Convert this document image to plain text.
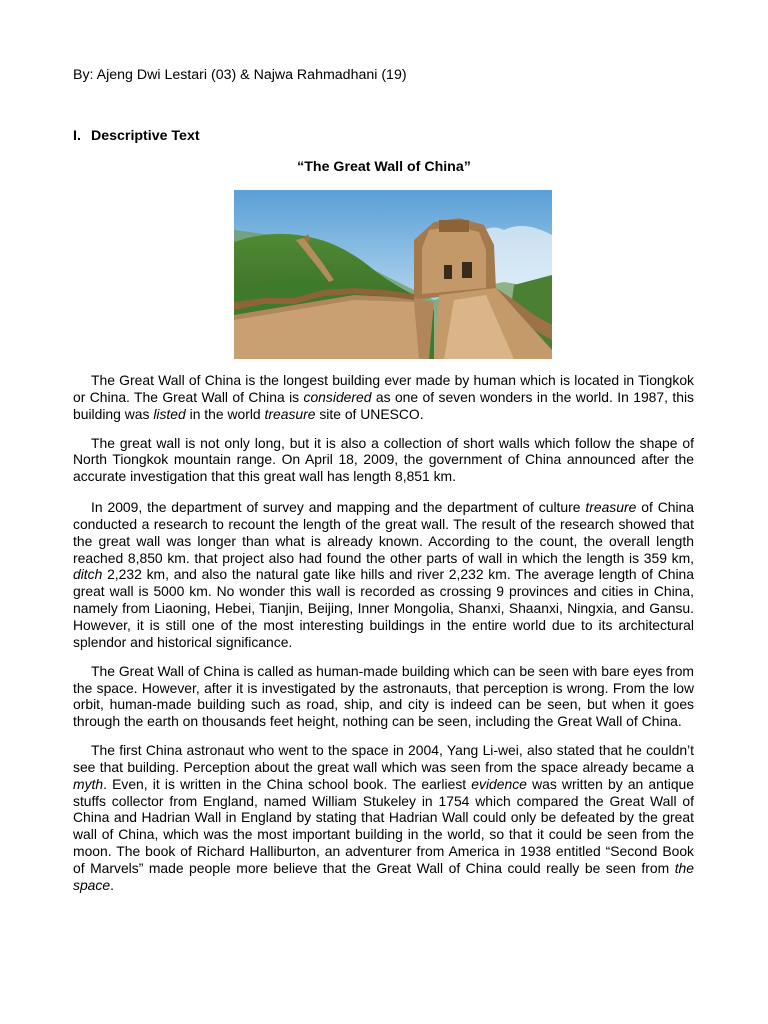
By: Ajeng Dwi Lestari (03) & Najwa Rahmadhani (19)
I. Descriptive Text
“The Great Wall of China”

The Great Wall of China is the longest building ever made by human which is located in Tiongkok or China. The Great Wall of China is considered as one of seven wonders in the world. In 1987, this building was listed in the world treasure site of UNESCO.

The great wall is not only long, but it is also a collection of short walls which follow the shape of North Tiongkok mountain range. On April 18, 2009, the government of China announced after the accurate investigation that this great wall has length 8,851 km.

In 2009, the department of survey and mapping and the department of culture treasure of China conducted a research to recount the length of the great wall. The result of the research showed that the great wall was longer than what is already known. According to the count, the overall length reached 8,850 km. that project also had found the other parts of wall in which the length is 359 km, ditch 2,232 km, and also the natural gate like hills and river 2,232 km. The average length of China great wall is 5000 km. No wonder this wall is recorded as crossing 9 provinces and cities in China, namely from Liaoning, Hebei, Tianjin, Beijing, Inner Mongolia, Shanxi, Shaanxi, Ningxia, and Gansu. However, it is still one of the most interesting buildings in the entire world due to its architectural splendor and historical significance.

The Great Wall of China is called as human-made building which can be seen with bare eyes from the space. However, after it is investigated by the astronauts, that perception is wrong. From the low orbit, human-made building such as road, ship, and city is indeed can be seen, but when it goes through the earth on thousands feet height, nothing can be seen, including the Great Wall of China.

The first China astronaut who went to the space in 2004, Yang Li-wei, also stated that he couldn’t see that building. Perception about the great wall which was seen from the space already became a myth. Even, it is written in the China school book. The earliest evidence was written by an antique stuffs collector from England, named William Stukeley in 1754 which compared the Great Wall of China and Hadrian Wall in England by stating that Hadrian Wall could only be defeated by the great wall of China, which was the most important building in the world, so that it could be seen from the moon. The book of Richard Halliburton, an adventurer from America in 1938 entitled “Second Book of Marvels” made people more believe that the Great Wall of China could really be seen from the space.
